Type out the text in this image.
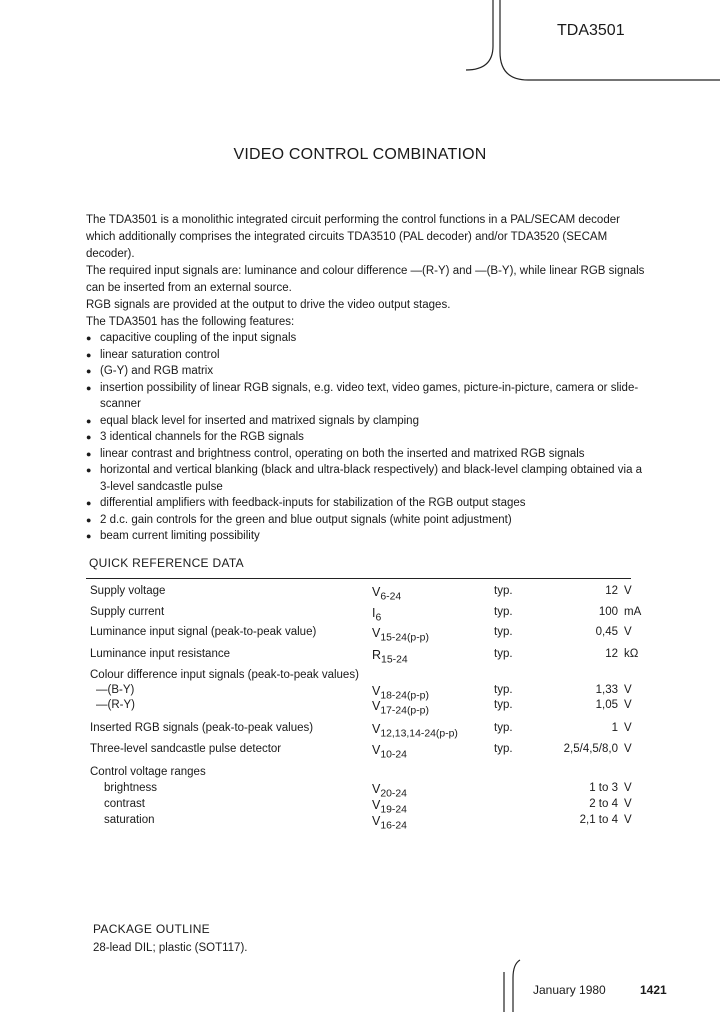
TDA3501
VIDEO CONTROL COMBINATION

The TDA3501 is a monolithic integrated circuit performing the control functions in a PAL/SECAM decoder which additionally comprises the integrated circuits TDA3510 (PAL decoder) and/or TDA3520 (SECAM decoder).

The required input signals are: luminance and colour difference —(R-Y) and —(B-Y), while linear RGB signals can be inserted from an external source.

RGB signals are provided at the output to drive the video output stages.

The TDA3501 has the following features:

● capacitive coupling of the input signals
● linear saturation control
● (G-Y) and RGB matrix
● insertion possibility of linear RGB signals, e.g. video text, video games, picture-in-picture, camera or slide-scanner
● equal black level for inserted and matrixed signals by clamping
● 3 identical channels for the RGB signals
● linear contrast and brightness control, operating on both the inserted and matrixed RGB signals
● horizontal and vertical blanking (black and ultra-black respectively) and black-level clamping obtained via a 3-level sandcastle pulse
● differential amplifiers with feedback-inputs for stabilization of the RGB output stages
● 2 d.c. gain controls for the green and blue output signals (white point adjustment)
● beam current limiting possibility
QUICK REFERENCE DATA
Supply voltage	$V_{6-24}$	typ.	12 V
Supply current	$I_6$	typ.	100 mA
Luminance input signal (peak-to-peak value)	$V_{15-24(p-p)}$	typ.	0,45 V
Luminance input resistance	$R_{15-24}$	typ.	12 kΩ
Colour difference input signals (peak-to-peak values)
—(B-Y)	$V_{18-24(p-p)}$	typ.	1,33 V
—(R-Y)	$V_{17-24(p-p)}$	typ.	1,05 V
Inserted RGB signals (peak-to-peak values)	$V_{12,13,14-24(p-p)}$	typ.	1 V
Three-level sandcastle pulse detector	$V_{10-24}$	typ.	2,5/4,5/8,0 V
Control voltage ranges
brightness	$V_{20-24}$	1 to 3 V
contrast	$V_{19-24}$	2 to 4 V
saturation	$V_{16-24}$	2,1 to 4 V
PACKAGE OUTLINE
28-lead DIL; plastic (SOT117).
January 1980	1421
